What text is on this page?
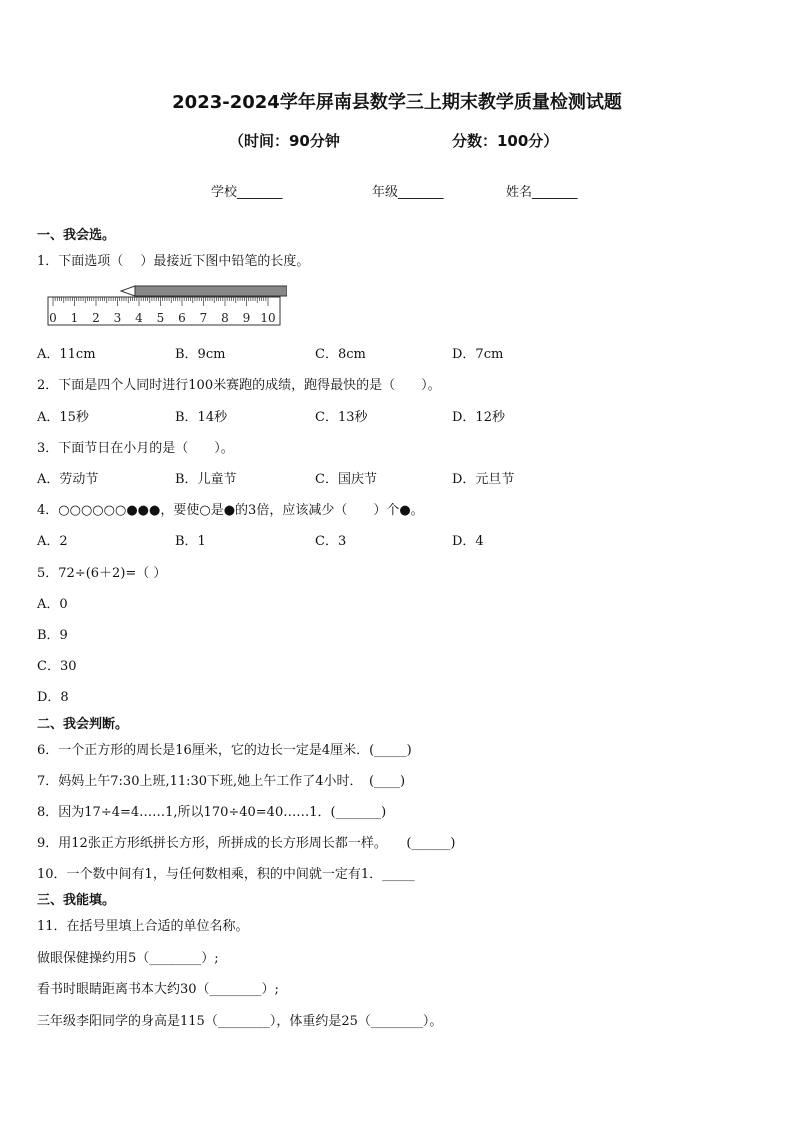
2023-2024学年屏南县数学三上期末教学质量检测试题
（时间：90分钟	分数：100分）
学校_______	年级_______	姓名_______
一、我会选。
1．下面选项（　 ）最接近下图中铅笔的长度。
0 1 2 3 4 5 6 7 8 9 10
A．11cm	B．9cm	C．8cm	D．7cm
2．下面是四个人同时进行100米赛跑的成绩，跑得最快的是（　　）。
A．15秒	B．14秒	C．13秒	D．12秒
3．下面节日在小月的是（　　）。
A．劳动节	B．儿童节	C．国庆节	D．元旦节
4．○○○○○○●●●，要使○是●的3倍，应该减少（　　）个●。
A．2	B．1	C．3	D．4
5．72÷(6＋2)=（ ）
A．0
B．9
C．30
D．8
二、我会判断。
6．一个正方形的周长是16厘米，它的边长一定是4厘米．(_____)
7．妈妈上午7:30上班,11:30下班,她上午工作了4小时．　(____)
8．因为17÷4=4……1,所以170÷40=40……1．(_______)
9．用12张正方形纸拼长方形，所拼成的长方形周长都一样。　　(______)
10．一个数中间有1，与任何数相乘，积的中间就一定有1．_____
三、我能填。
11．在括号里填上合适的单位名称。
做眼保健操约用5（________）;
看书时眼睛距离书本大约30（________）;
三年级李阳同学的身高是115（________），体重约是25（________）。
